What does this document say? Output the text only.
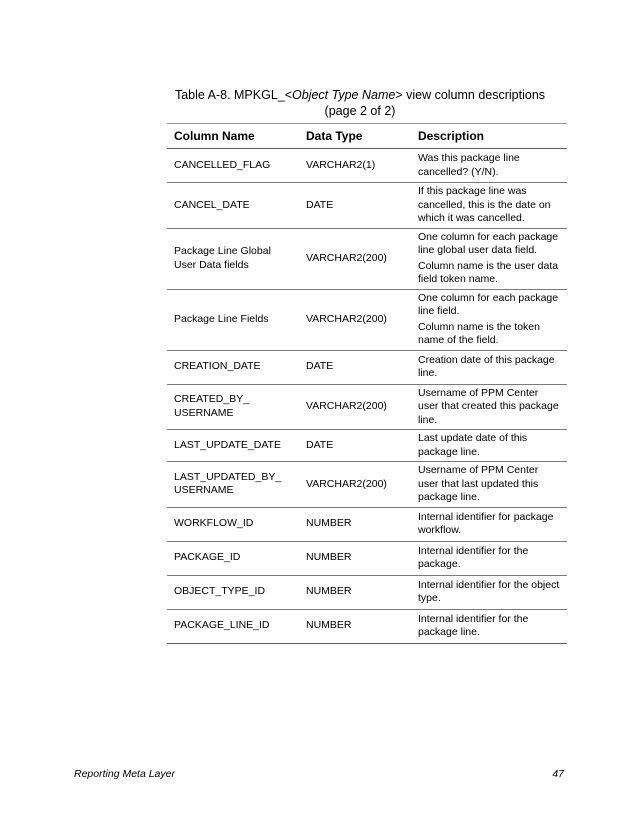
Table A-8. MPKGL_<Object Type Name> view column descriptions
(page 2 of 2)
Column Name	Data Type	Description
CANCELLED_FLAG	VARCHAR2(1)	Was this package line cancelled? (Y/N).

CANCEL_DATE	DATE	If this package line was cancelled, this is the date on which it was cancelled.

Package Line Global User Data fields	VARCHAR2(200)	One column for each package line global user data field.
Column name is the user data field token name.

Package Line Fields	VARCHAR2(200)	One column for each package line field.
Column name is the token name of the field.

CREATION_DATE	DATE	Creation date of this package line.

CREATED_BY_ USERNAME	VARCHAR2(200)	Username of PPM Center user that created this package line.

LAST_UPDATE_DATE	DATE	Last update date of this package line.

LAST_UPDATED_BY_ USERNAME	VARCHAR2(200)	Username of PPM Center user that last updated this package line.

WORKFLOW_ID	NUMBER	Internal identifier for package workflow.

PACKAGE_ID	NUMBER	Internal identifier for the package.

OBJECT_TYPE_ID	NUMBER	Internal identifier for the object type.

PACKAGE_LINE_ID	NUMBER	Internal identifier for the package line.
Reporting Meta Layer	47
